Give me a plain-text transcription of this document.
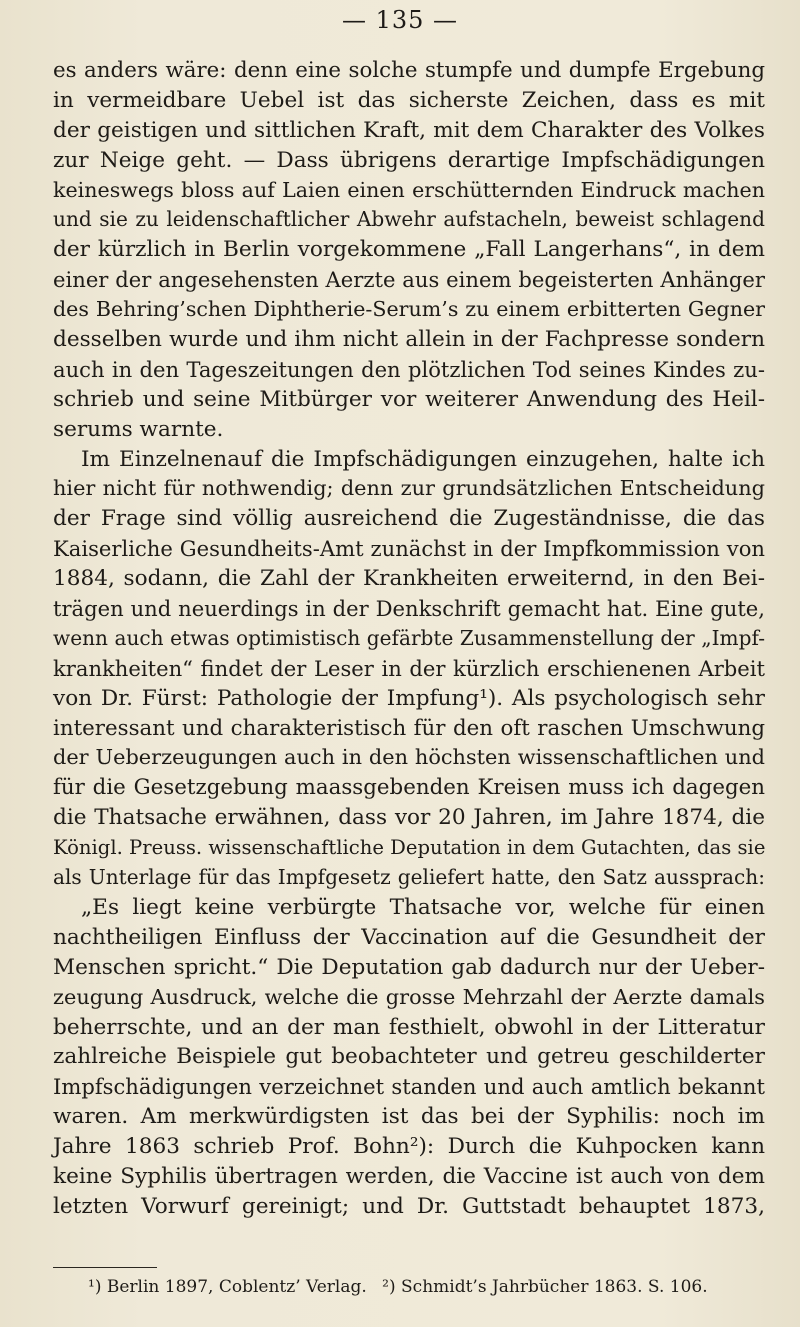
— 135 —
es anders wäre: denn eine solche stumpfe und dumpfe Ergebung
in vermeidbare Uebel ist das sicherste Zeichen, dass es mit
der geistigen und sittlichen Kraft, mit dem Charakter des Volkes
zur Neige geht. — Dass übrigens derartige Impfschädigungen
keineswegs bloss auf Laien einen erschütternden Eindruck machen
und sie zu leidenschaftlicher Abwehr aufstacheln, beweist schlagend
der kürzlich in Berlin vorgekommene „Fall Langerhans“, in dem
einer der angesehensten Aerzte aus einem begeisterten Anhänger
des Behring’schen Diphtherie-Serum’s zu einem erbitterten Gegner
desselben wurde und ihm nicht allein in der Fachpresse sondern
auch in den Tageszeitungen den plötzlichen Tod seines Kindes zu-
schrieb und seine Mitbürger vor weiterer Anwendung des Heil-
serums warnte.
Im Einzelnenauf die Impfschädigungen einzugehen, halte ich
hier nicht für nothwendig; denn zur grundsätzlichen Entscheidung
der Frage sind völlig ausreichend die Zugeständnisse, die das
Kaiserliche Gesundheits-Amt zunächst in der Impfkommission von
1884, sodann, die Zahl der Krankheiten erweiternd, in den Bei-
trägen und neuerdings in der Denkschrift gemacht hat. Eine gute,
wenn auch etwas optimistisch gefärbte Zusammenstellung der „Impf-
krankheiten“ findet der Leser in der kürzlich erschienenen Arbeit
von Dr. Fürst: Pathologie der Impfung¹). Als psychologisch sehr
interessant und charakteristisch für den oft raschen Umschwung
der Ueberzeugungen auch in den höchsten wissenschaftlichen und
für die Gesetzgebung maassgebenden Kreisen muss ich dagegen
die Thatsache erwähnen, dass vor 20 Jahren, im Jahre 1874, die
Königl. Preuss. wissenschaftliche Deputation in dem Gutachten, das sie
als Unterlage für das Impfgesetz geliefert hatte, den Satz aussprach:
„Es liegt keine verbürgte Thatsache vor, welche für einen
nachtheiligen Einfluss der Vaccination auf die Gesundheit der
Menschen spricht.“ Die Deputation gab dadurch nur der Ueber-
zeugung Ausdruck, welche die grosse Mehrzahl der Aerzte damals
beherrschte, und an der man festhielt, obwohl in der Litteratur
zahlreiche Beispiele gut beobachteter und getreu geschilderter
Impfschädigungen verzeichnet standen und auch amtlich bekannt
waren. Am merkwürdigsten ist das bei der Syphilis: noch im
Jahre 1863 schrieb Prof. Bohn²): Durch die Kuhpocken kann
keine Syphilis übertragen werden, die Vaccine ist auch von dem
letzten Vorwurf gereinigt; und Dr. Guttstadt behauptet 1873,
¹) Berlin 1897, Coblentz’ Verlag. ²) Schmidt’s Jahrbücher 1863. S. 106.
